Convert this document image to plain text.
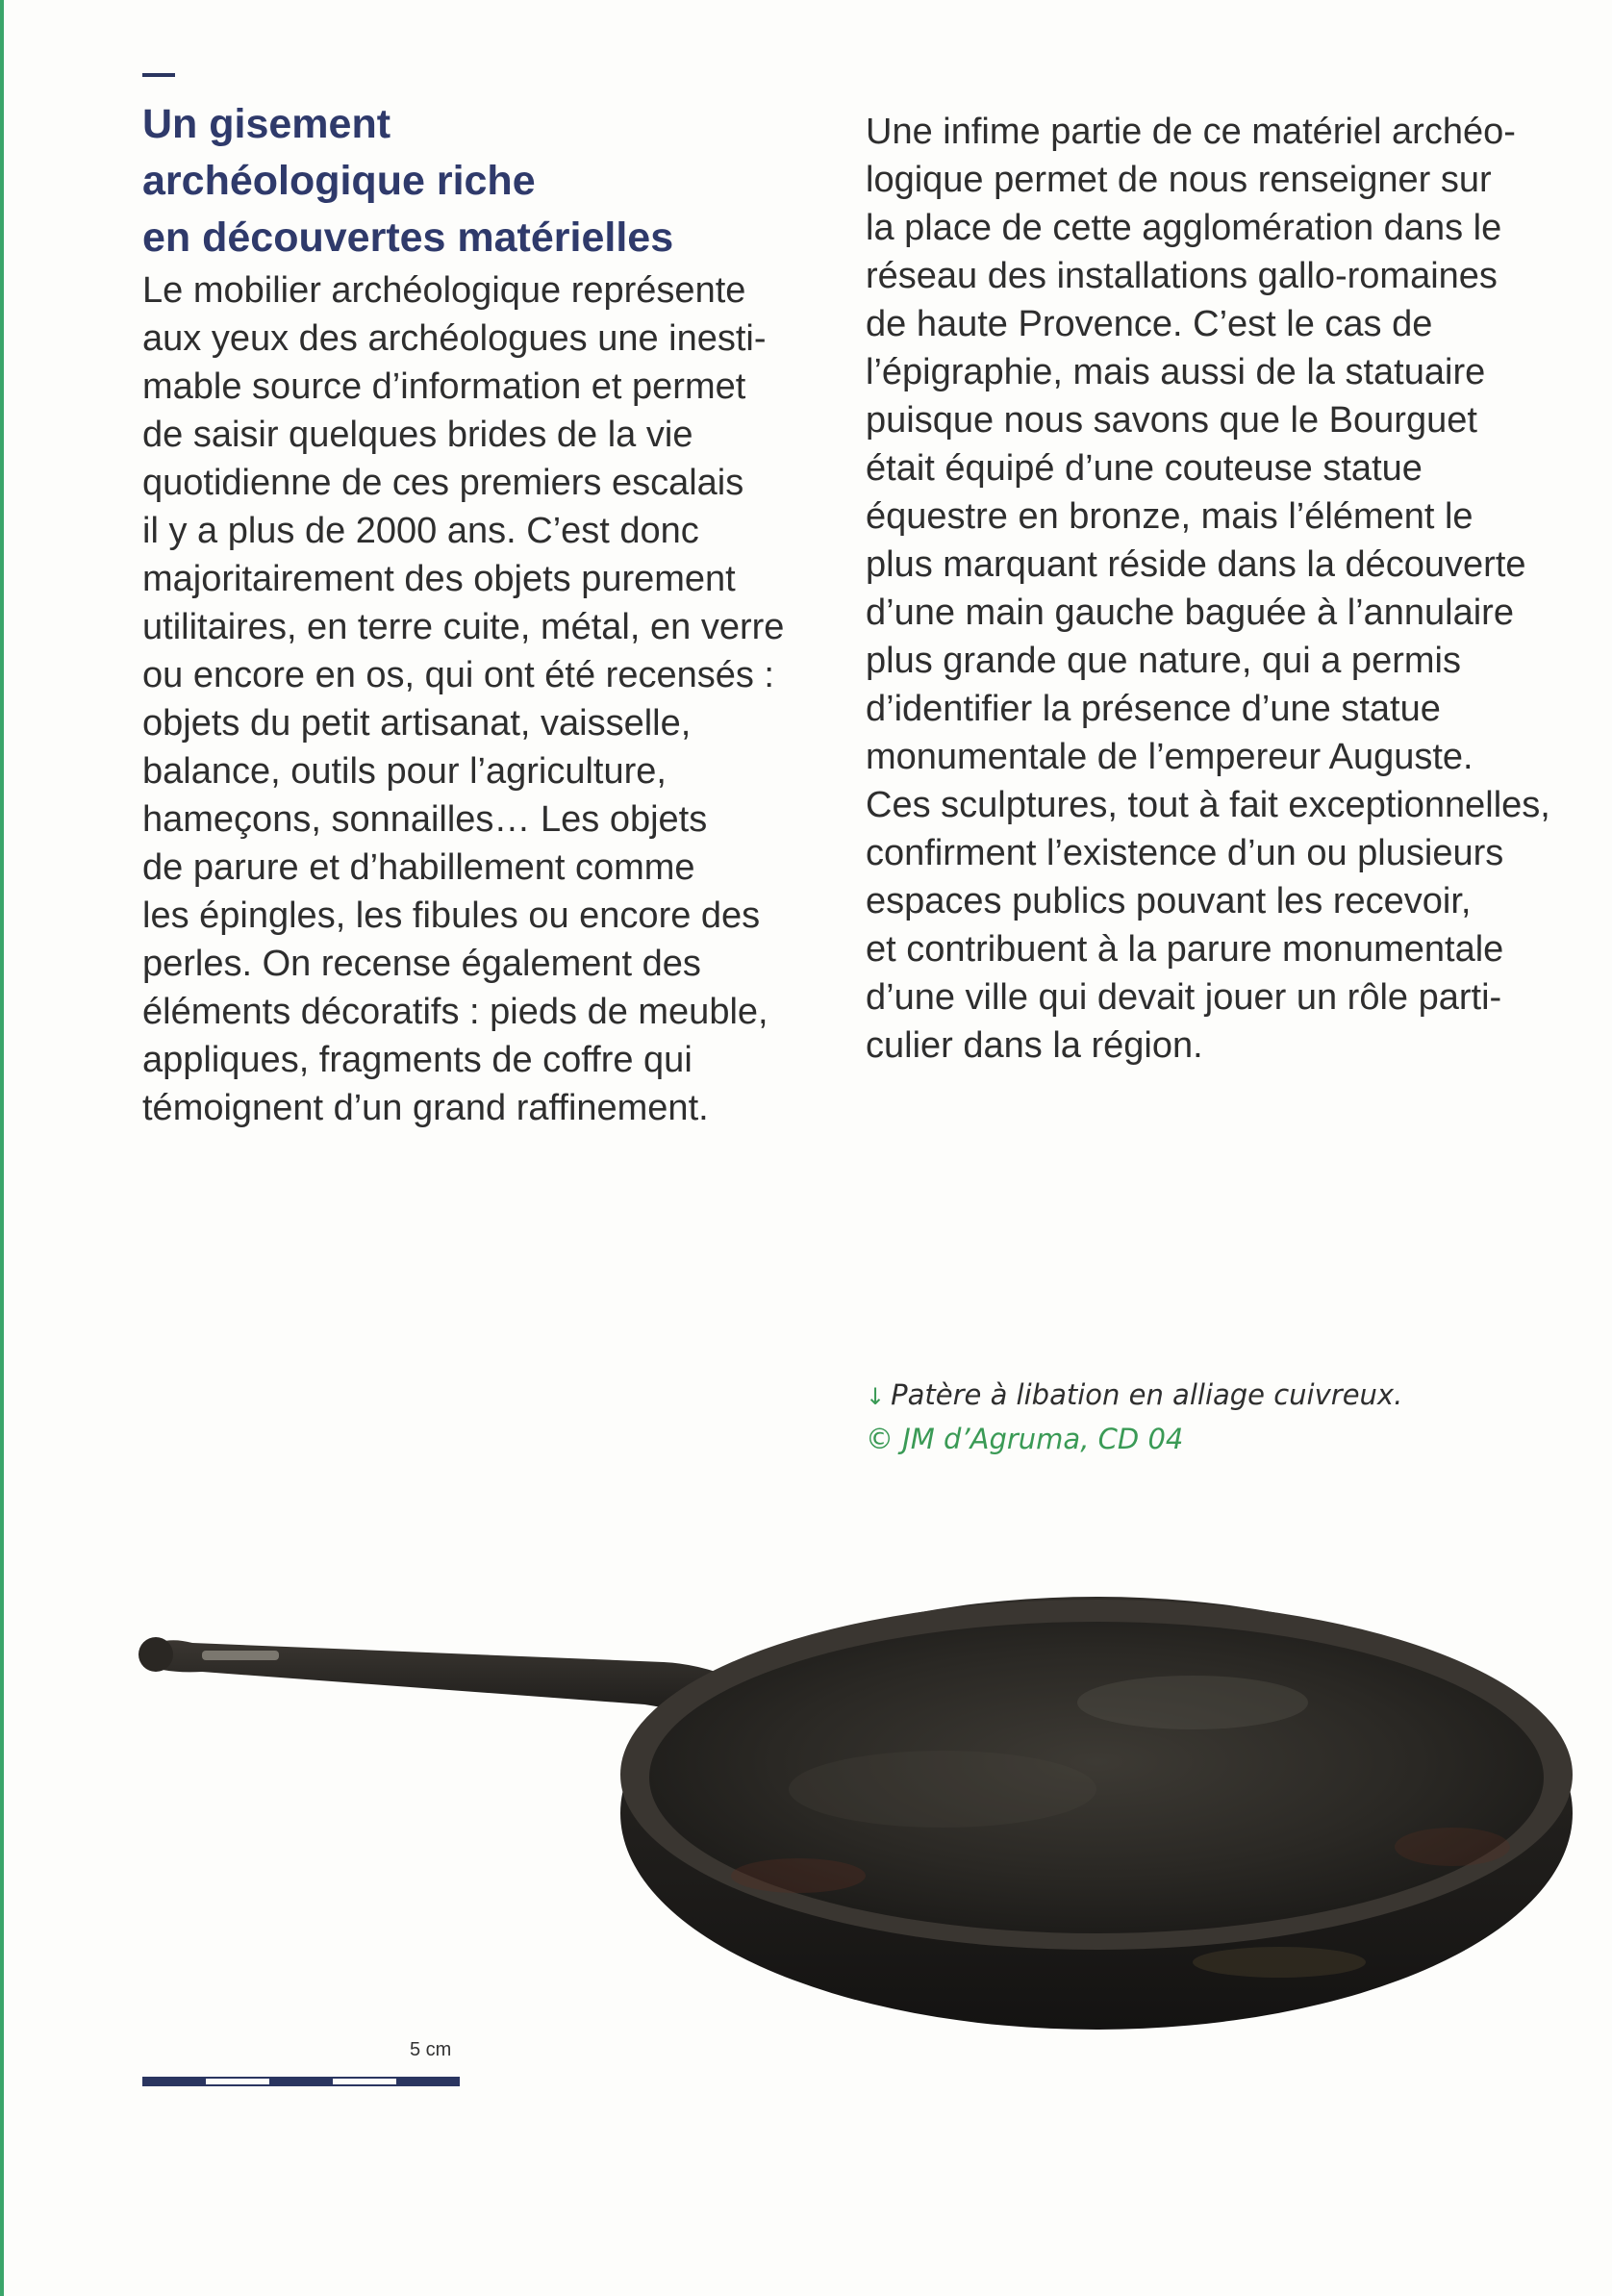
Un gisement
archéologique riche
en découvertes matérielles
Le mobilier archéologique représente
aux yeux des archéologues une inesti-
mable source d’information et permet
de saisir quelques brides de la vie
quotidienne de ces premiers escalais
il y a plus de 2000 ans. C’est donc
majoritairement des objets purement
utilitaires, en terre cuite, métal, en verre
ou encore en os, qui ont été recensés :
objets du petit artisanat, vaisselle,
balance, outils pour l’agriculture,
hameçons, sonnailles… Les objets
de parure et d’habillement comme
les épingles, les fibules ou encore des
perles. On recense également des
éléments décoratifs : pieds de meuble,
appliques, fragments de coffre qui
témoignent d’un grand raffinement.
Une infime partie de ce matériel archéo-
logique permet de nous renseigner sur
la place de cette agglomération dans le
réseau des installations gallo-romaines
de haute Provence. C’est le cas de
l’épigraphie, mais aussi de la statuaire
puisque nous savons que le Bourguet
était équipé d’une couteuse statue
équestre en bronze, mais l’élément le
plus marquant réside dans la découverte
d’une main gauche baguée à l’annulaire
plus grande que nature, qui a permis
d’identifier la présence d’une statue
monumentale de l’empereur Auguste.
Ces sculptures, tout à fait exceptionnelles,
confirment l’existence d’un ou plusieurs
espaces publics pouvant les recevoir,
et contribuent à la parure monumentale
d’une ville qui devait jouer un rôle parti-
culier dans la région.
↓ Patère à libation en alliage cuivreux.
© JM d’Agruma, CD 04
5 cm
